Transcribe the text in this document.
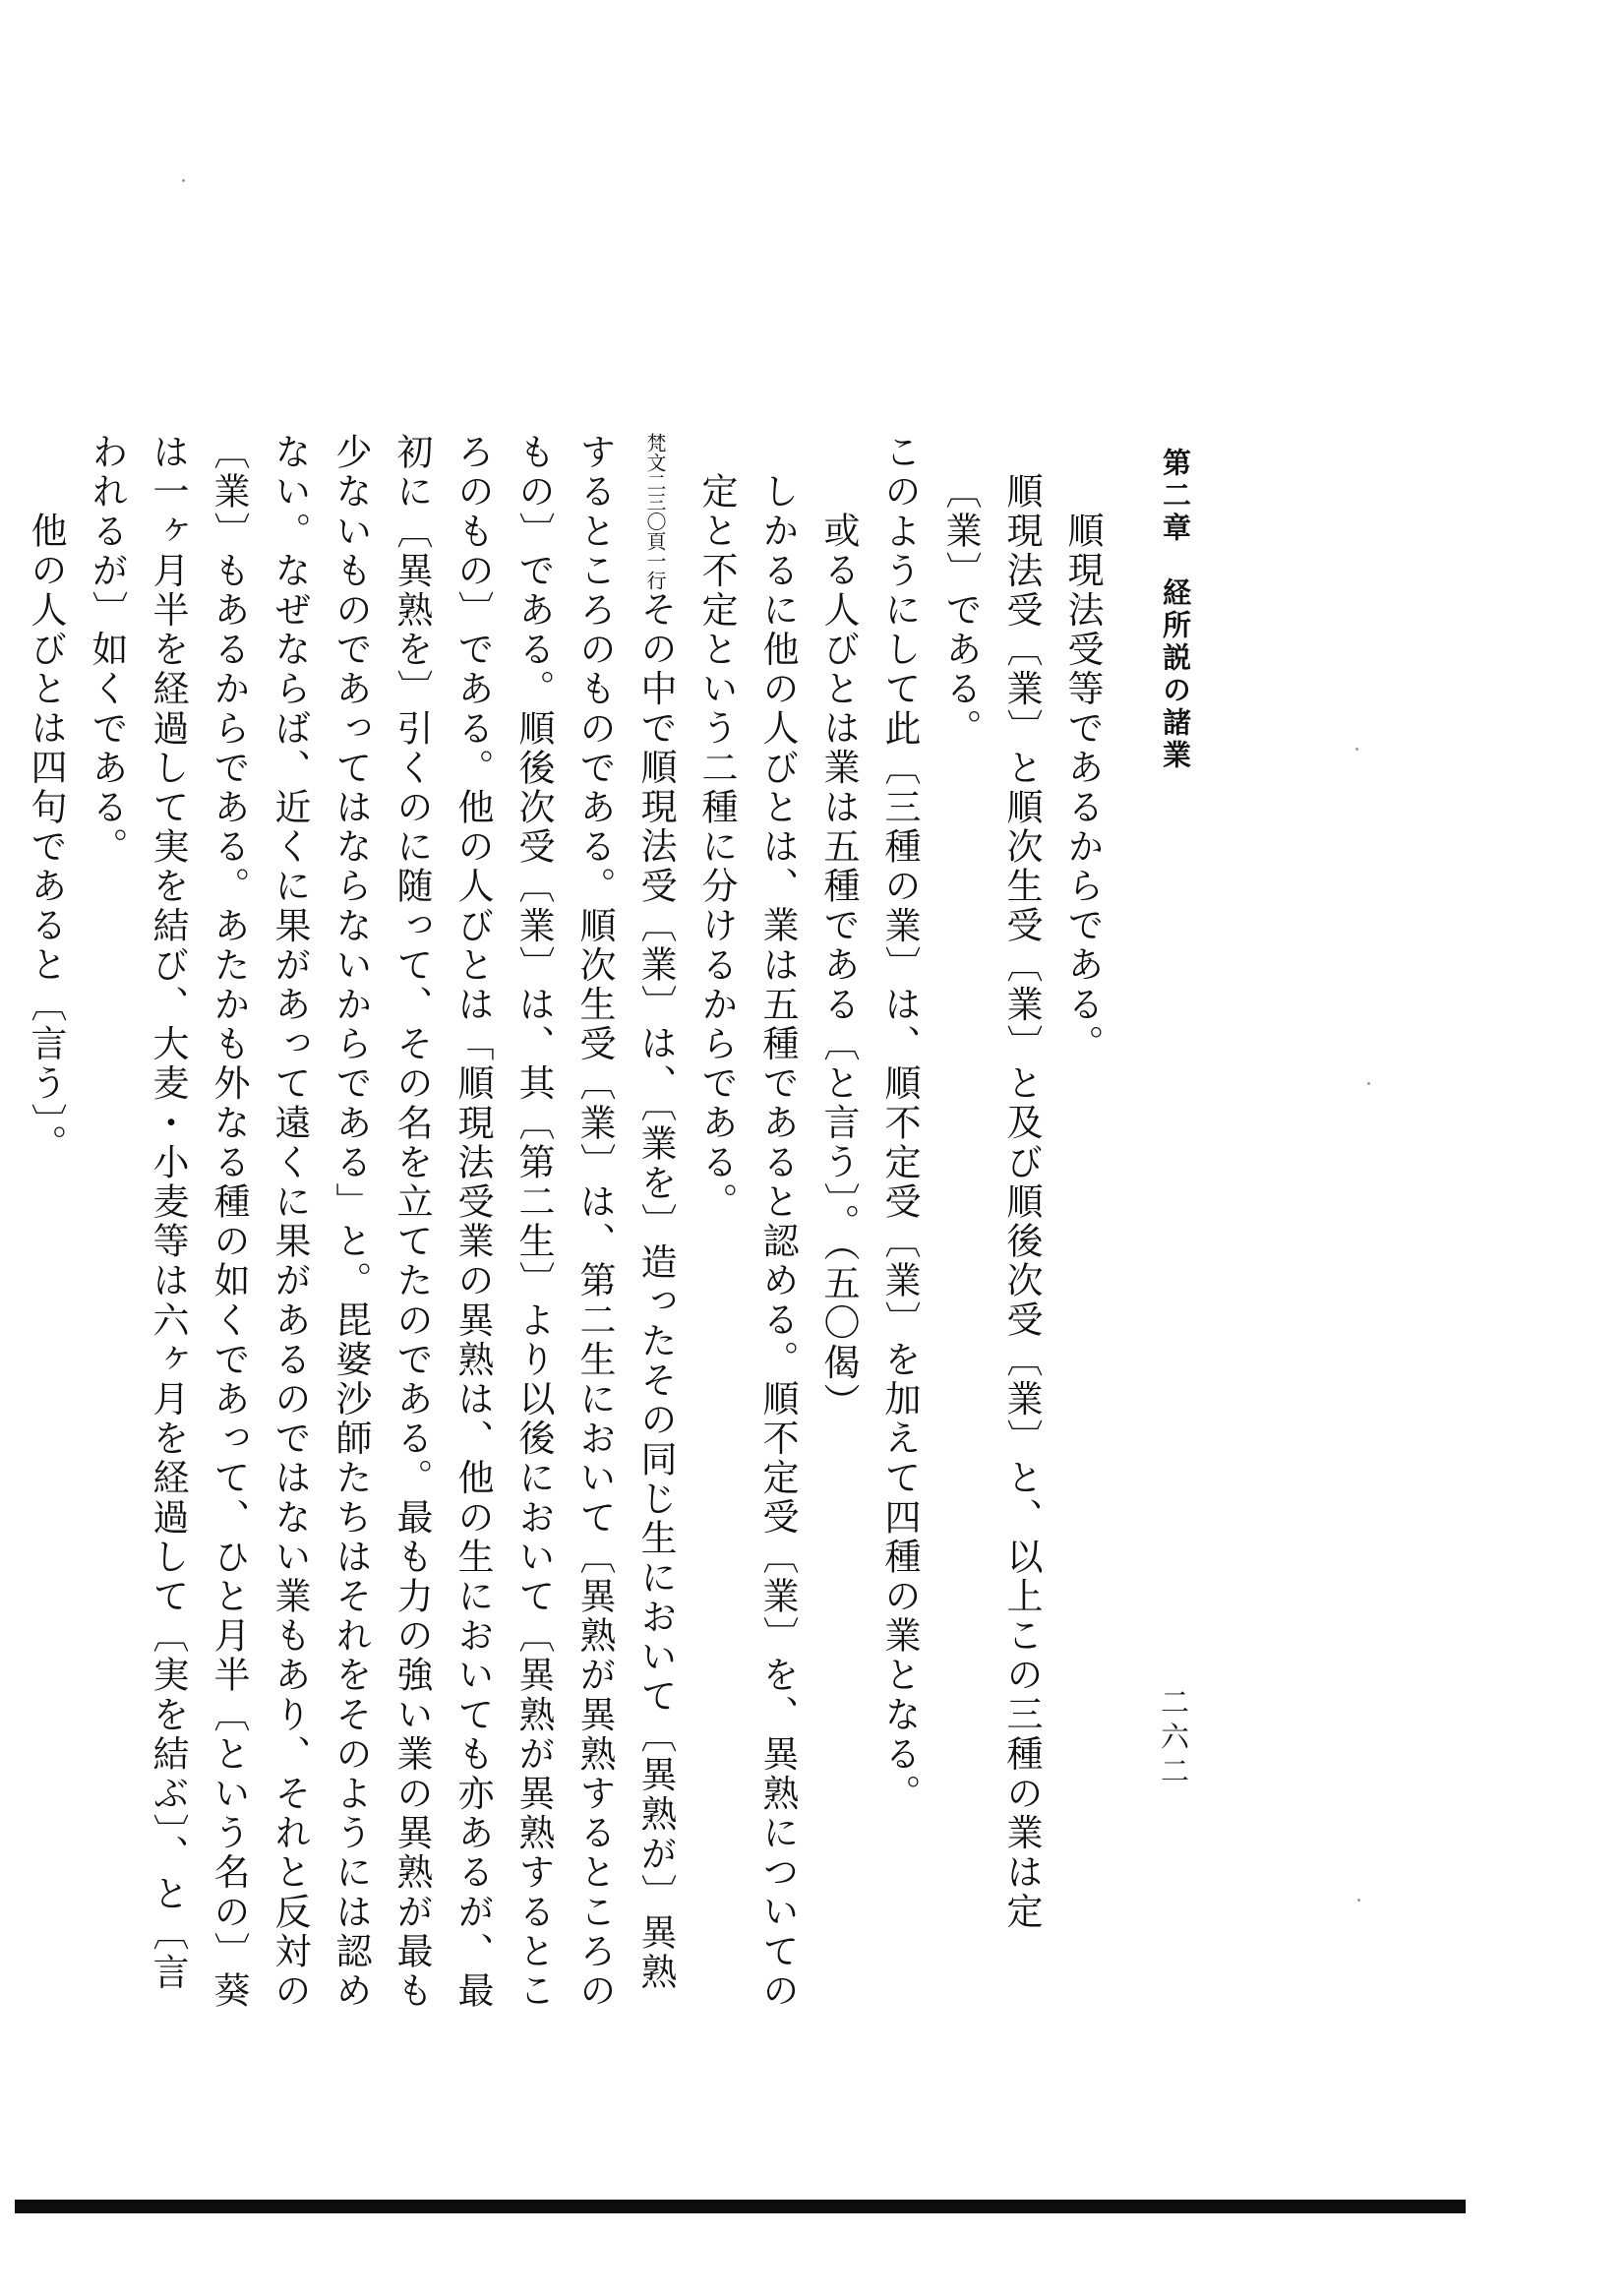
第二章　経所説の諸業
二六二

順現法受等であるからである。

順現法受〔業〕と順次生受〔業〕と及び順後次受〔業〕と、以上この三種の業は定〔業〕である。

このようにして此〔三種の業〕は、順不定受〔業〕を加えて四種の業となる。

或る人びとは業は五種である〔と言う〕。（五〇偈）

しかるに他の人びとは、業は五種であると認める。順不定受〔業〕を、異熟についての定と不定という二種に分けるからである。

梵文二三〇頁一行その中で順現法受〔業〕は、〔業を〕造ったその同じ生において〔異熟が〕異熟するところのものである。順次生受〔業〕は、第二生において〔異熟が異熟するところのもの〕である。順後次受〔業〕は、其〔第二生〕より以後において〔異熟が異熟するところのもの〕である。他の人びとは「順現法受業の異熟は、他の生においても亦あるが、最初に〔異熟を〕引くのに随って、その名を立てたのである。最も力の強い業の異熟が最も少ないものであってはならないからである」と。毘婆沙師たちはそれをそのようには認めない。なぜならば、近くに果があって遠くに果があるのではない業もあり、それと反対の〔業〕もあるからである。あたかも外なる種の如くであって、ひと月半〔という名の〕葵は一ヶ月半を経過して実を結び、大麦・小麦等は六ヶ月を経過して〔実を結ぶ〕、と〔言われるが〕如くである。

他の人びとは四句であると〔言う〕。
